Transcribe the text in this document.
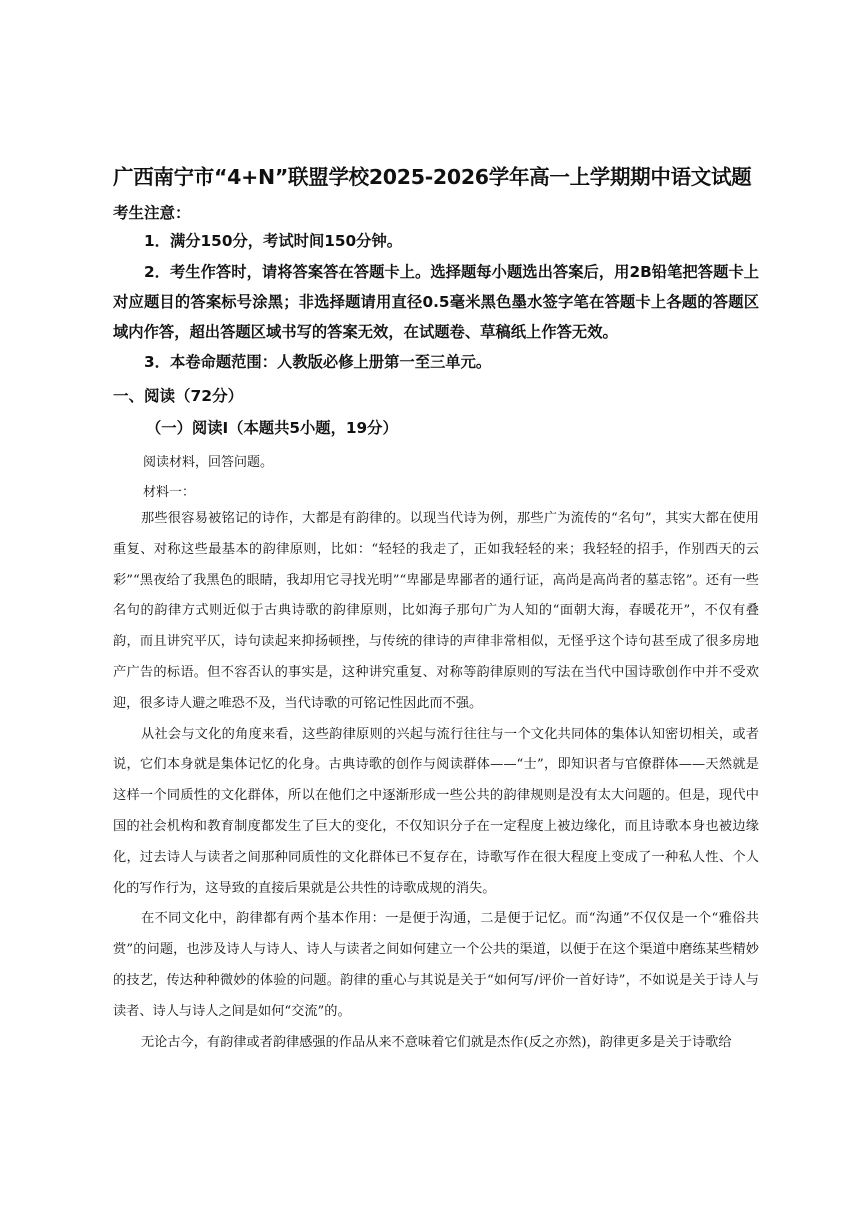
广西南宁市“4+N”联盟学校2025-2026学年高一上学期期中语文试题
考生注意：
1．满分150分，考试时间150分钟。
2．考生作答时，请将答案答在答题卡上。选择题每小题选出答案后，用2B铅笔把答题卡上对应题目的答案标号涂黑；非选择题请用直径0.5毫米黑色墨水签字笔在答题卡上各题的答题区域内作答，超出答题区域书写的答案无效，在试题卷、草稿纸上作答无效。
3．本卷命题范围：人教版必修上册第一至三单元。
一、阅读（72分）
（一）阅读Ⅰ（本题共5小题，19分）
阅读材料，回答问题。
材料一：

那些很容易被铭记的诗作，大都是有韵律的。以现当代诗为例，那些广为流传的“名句”，其实大都在使用重复、对称这些最基本的韵律原则，比如：“轻轻的我走了，正如我轻轻的来；我轻轻的招手，作别西天的云彩”“黑夜给了我黑色的眼睛，我却用它寻找光明”“卑鄙是卑鄙者的通行证，高尚是高尚者的墓志铭”。还有一些名句的韵律方式则近似于古典诗歌的韵律原则，比如海子那句广为人知的“面朝大海，春暖花开”，不仅有叠韵，而且讲究平仄，诗句读起来抑扬顿挫，与传统的律诗的声律非常相似，无怪乎这个诗句甚至成了很多房地产广告的标语。但不容否认的事实是，这种讲究重复、对称等韵律原则的写法在当代中国诗歌创作中并不受欢迎，很多诗人避之唯恐不及，当代诗歌的可铭记性因此而不强。

从社会与文化的角度来看，这些韵律原则的兴起与流行往往与一个文化共同体的集体认知密切相关，或者说，它们本身就是集体记忆的化身。古典诗歌的创作与阅读群体——“士”，即知识者与官僚群体——天然就是这样一个同质性的文化群体，所以在他们之中逐渐形成一些公共的韵律规则是没有太大问题的。但是，现代中国的社会机构和教育制度都发生了巨大的变化，不仅知识分子在一定程度上被边缘化，而且诗歌本身也被边缘化，过去诗人与读者之间那种同质性的文化群体已不复存在，诗歌写作在很大程度上变成了一种私人性、个人化的写作行为，这导致的直接后果就是公共性的诗歌成规的消失。

在不同文化中，韵律都有两个基本作用：一是便于沟通，二是便于记忆。而“沟通”不仅仅是一个“雅俗共赏”的问题，也涉及诗人与诗人、诗人与读者之间如何建立一个公共的渠道，以便于在这个渠道中磨练某些精妙的技艺，传达种种微妙的体验的问题。韵律的重心与其说是关于“如何写/评价一首好诗”，不如说是关于诗人与读者、诗人与诗人之间是如何“交流”的。

无论古今，有韵律或者韵律感强的作品从来不意味着它们就是杰作(反之亦然)，韵律更多是关于诗歌给
